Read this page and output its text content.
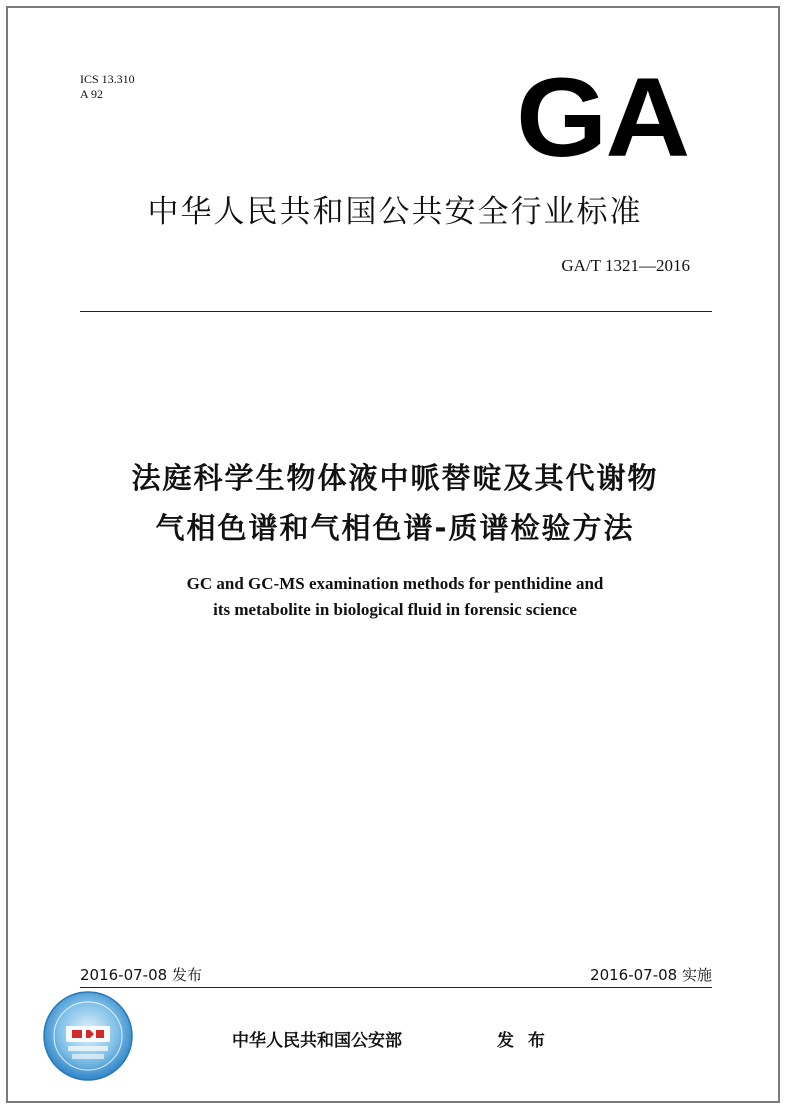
ICS 13.310
A 92	GA
中华人民共和国公共安全行业标准
GA/T 1321—2016
法庭科学生物体液中哌替啶及其代谢物
气相色谱和气相色谱-质谱检验方法
GC and GC-MS examination methods for penthidine and
its metabolite in biological fluid in forensic science
2016-07-08 发布	2016-07-08 实施
中华人民共和国公安部	发 布
